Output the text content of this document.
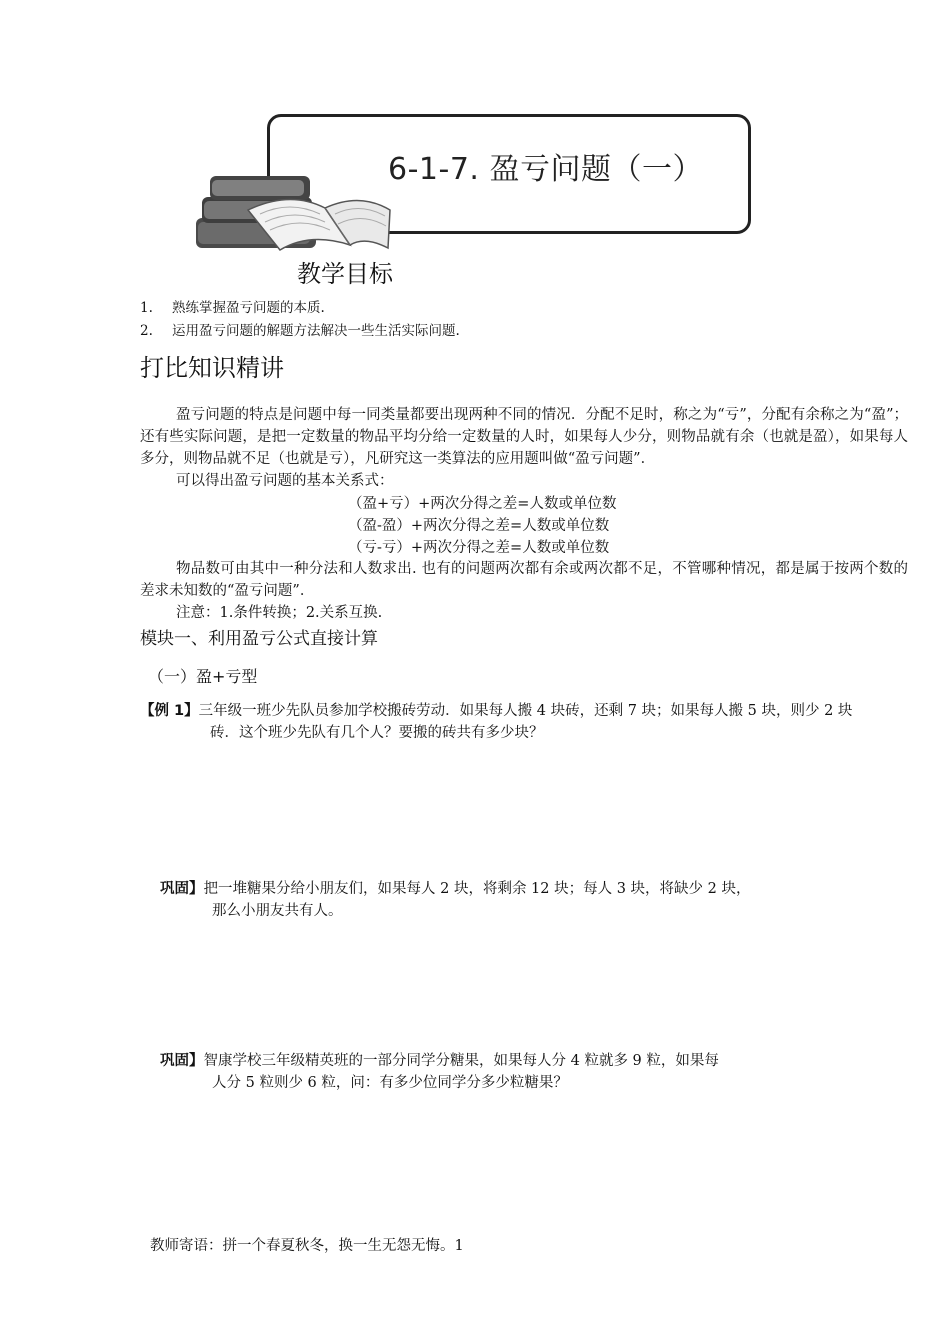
6-1-7. 盈亏问题（一）
教学目标
1. 熟练掌握盈亏问题的本质.
2. 运用盈亏问题的解题方法解决一些生活实际问题.
打比知识精讲
盈亏问题的特点是问题中每一同类量都要出现两种不同的情况．分配不足时，称之为“亏”，分配有余称之为“盈”；还有些实际问题，是把一定数量的物品平均分给一定数量的人时，如果每人少分，则物品就有余（也就是盈），如果每人多分，则物品就不足（也就是亏），凡研究这一类算法的应用题叫做“盈亏问题”．
可以得出盈亏问题的基本关系式：
（盈+亏）+两次分得之差=人数或单位数
（盈-盈）+两次分得之差=人数或单位数
（亏-亏）+两次分得之差=人数或单位数
物品数可由其中一种分法和人数求出. 也有的问题两次都有余或两次都不足，不管哪种情况，都是属于按两个数的差求未知数的“盈亏问题”．
注意：1.条件转换；2.关系互换.
模块一、利用盈亏公式直接计算
（一）盈+亏型
【例 1】三年级一班少先队员参加学校搬砖劳动．如果每人搬 4 块砖，还剩 7 块；如果每人搬 5 块，则少 2 块
砖．这个班少先队有几个人？要搬的砖共有多少块？
巩固】把一堆糖果分给小朋友们，如果每人 2 块，将剩余 12 块；每人 3 块，将缺少 2 块，
那么小朋友共有人。
巩固】智康学校三年级精英班的一部分同学分糖果，如果每人分 4 粒就多 9 粒，如果每
人分 5 粒则少 6 粒，问：有多少位同学分多少粒糖果？
教师寄语：拼一个春夏秋冬，换一生无怨无悔。1
